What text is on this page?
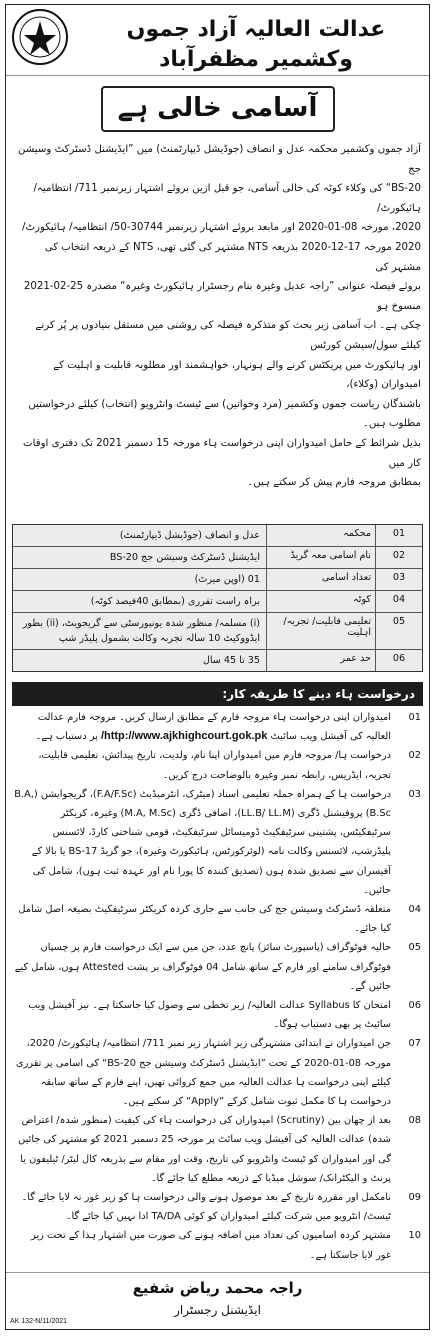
عدالت العالیہ آزاد جموں وکشمیر مظفرآباد
آسامی خالی ہے
آزاد جموں وکشمیر محکمہ عدل و انصاف (جوڈیشل ڈیپارٹمنٹ) میں ”ایڈیشنل ڈسٹرکٹ وسیشن جج
BS-20“ کی وکلاء کوٹہ کی خالی آسامی، جو قبل ازیں بروئے اشتہار زیرنمبر 711/ انتظامیہ/ ہائیکورٹ/
2020، مورخہ 08-01-2020 اور مابعد بروئے اشتہار زیرنمبر 30744-50/ انتظامیہ/ ہائیکورٹ/
2020 مورخہ 17-12-2020 بذریعہ NTS مشتہر کی گئی تھی، NTS کے ذریعہ انتخاب کی مشتہر کی
بروئے فیصلہ عنوانی ”راجہ عدیل وغیرہ بنام رجسٹرار ہائیکورٹ وغیرہ“ مصدرہ 25-02-2021 منسوخ ہو
چکی ہے۔ اب آسامی زیر بحث کو متذکرہ فیصلہ کی روشنی میں مستقل بنیادوں پر پُر کرنے کیلئے سول/سیشن کورٹس
اور ہائیکورٹ میں پریکٹس کرنے والے ہونہار، خواہشمند اور مطلوبہ قابلیت و اہلیت کے امیدواران (وکلاء)،
باشندگان ریاست جموں وکشمیر (مرد وخواتین) سے ٹیسٹ وانٹرویو (انتخاب) کیلئے درخواستیں مطلوب ہیں۔
بذیل شرائط کے حامل امیدواران اپنی درخواست ہاء مورخہ 15 دسمبر 2021 تک دفتری اوقات کار میں
بمطابق مروجہ فارم پیش کر سکتے ہیں۔
01
محکمہ
عدل و انصاف (جوڈیشل ڈیپارٹمنٹ)
02
نام اسامی معہ گریڈ
ایڈیشنل ڈسٹرکٹ وسیشن جج BS-20
03
تعداد اسامی
01 (اوپن میرٹ)
04
کوٹہ
براہ راست تقرری (بمطابق 40فیصد کوٹہ)
05
تعلیمی قابلیت/ تجربہ/ اہلیت
(i) مسلمہ/ منظور شدہ یونیورسٹی سے گریجویٹ، (ii) بطور ایڈووکیٹ 10 سالہ تجربہ وکالت بشمول پلیڈر شپ
06
حد عمر
35 تا 45 سال
درخواست ہاء دینے کا طریقہ کار:
01
امیدواران اپنی درخواست ہاء مروجہ فارم کے مطابق ارسال کریں۔ مروجہ فارم عدالت العالیہ کی آفیشل ویب سائیٹ http://www.ajkhighcourt.gok.pk/ پر دستیاب ہے۔
02
درخواست ہا/ مروجہ فارم میں امیدواران اپنا نام، ولدیت، تاریخ پیدائش، تعلیمی قابلیت، تجربہ، ایڈریس، رابطہ نمبر وغیرہ بالوضاحت درج کریں۔
03
درخواست ہا کے ہمراہ جملہ تعلیمی اسناد (میٹرک، انٹرمیڈیٹ (F.A/F.Sc)، گریجوایشن (B.A, B.Sc) پروفیشنل ڈگری (LL.B/ LL.M)، اضافی ڈگری (M.A, M.Sc) وغیرہ، کریکٹر سرٹیفکیٹس، پشتینی سرٹیفکیٹ ڈومیسائل سرٹیفکیٹ، قومی شناختی کارڈ، لائسنس پلیڈرشپ، لائسنس وکالت نامہ (لوئرکورٹس، ہائیکورٹ وغیرہ)، جو گریڈ BS-17 یا بالا کے آفیسران سے تصدیق شدہ ہوں (تصدیق کنندہ کا پورا نام اور عہدہ ثبت ہوں)، شامل کی جائیں۔
04
متعلقہ ڈسٹرکٹ وسیشن جج کی جانب سے جاری کردہ کریکٹر سرٹیفکیٹ بصیغہ اصل شامل کیا جائے۔
05
حالیہ فوٹوگراف (پاسپورٹ سائز) پانچ عدد، جن میں سے ایک درخواست فارم پر چسپاں فوٹوگراف سامنے اور فارم کے ساتھ شامل 04 فوٹوگراف بر پشت Attested ہوں، شامل کیے جائیں گے۔
06
امتحان کا Syllabus عدالت العالیہ/ زیر تخطی سے وصول کیا جاسکتا ہے۔ نیز آفیشل ویب سائیٹ پر بھی دستیاب ہوگا۔
07
جن امیدواران نے ابتدائی مشتہرگی زیر اشتہار زیر نمبر 711/ انتظامیہ/ ہائیکورٹ/ 2020، مورخہ 08-01-2020 کے تحت ”ایڈیشنل ڈسٹرکٹ وسیشن جج BS-20“ کی اسامی پر تقرری کیلئے اپنی درخواست ہا عدالت العالیہ میں جمع کروائی تھیں، اپنے فارم کے ساتھ سابقہ درخواست ہا کا مکمل ثبوت شامل کرکے ”Apply“ کر سکتے ہیں۔
08
بعد از چھان بین (Scrutiny) امیدواران کی درخواست ہاء کی کیفیت (منظور شدہ/ اعتراض شدہ) عدالت العالیہ کی آفیشل ویب سائٹ پر مورخہ 25 دسمبر 2021 کو مشتہر کی جائیں گی اور امیدواران کو ٹیسٹ وانٹرویو کی تاریخ، وقت اور مقام سے بذریعہ کال لیٹر/ ٹیلیفون یا پرنٹ و الیکٹرانک/ سوشل میڈیا کے ذریعہ مطلع کیا جائے گا۔
09
نامکمل اور مقررہ تاریخ کے بعد موصول ہونے والی درخواست ہا کو زیر غور نہ لایا جائے گا۔ ٹیسٹ/ انٹرویو میں شرکت کیلئے امیدواران کو کوئی TA/DA ادا نہیں کیا جائے گا۔
10
مشتہر کردہ اسامیوں کی تعداد میں اضافہ ہونے کی صورت میں اشتہار ہذا کے تحت زیر غور لایا جاسکتا ہے۔
راجہ محمد ریاض شفیع
ایڈیشنل رجسٹرار
AK 132-N/11/2021
